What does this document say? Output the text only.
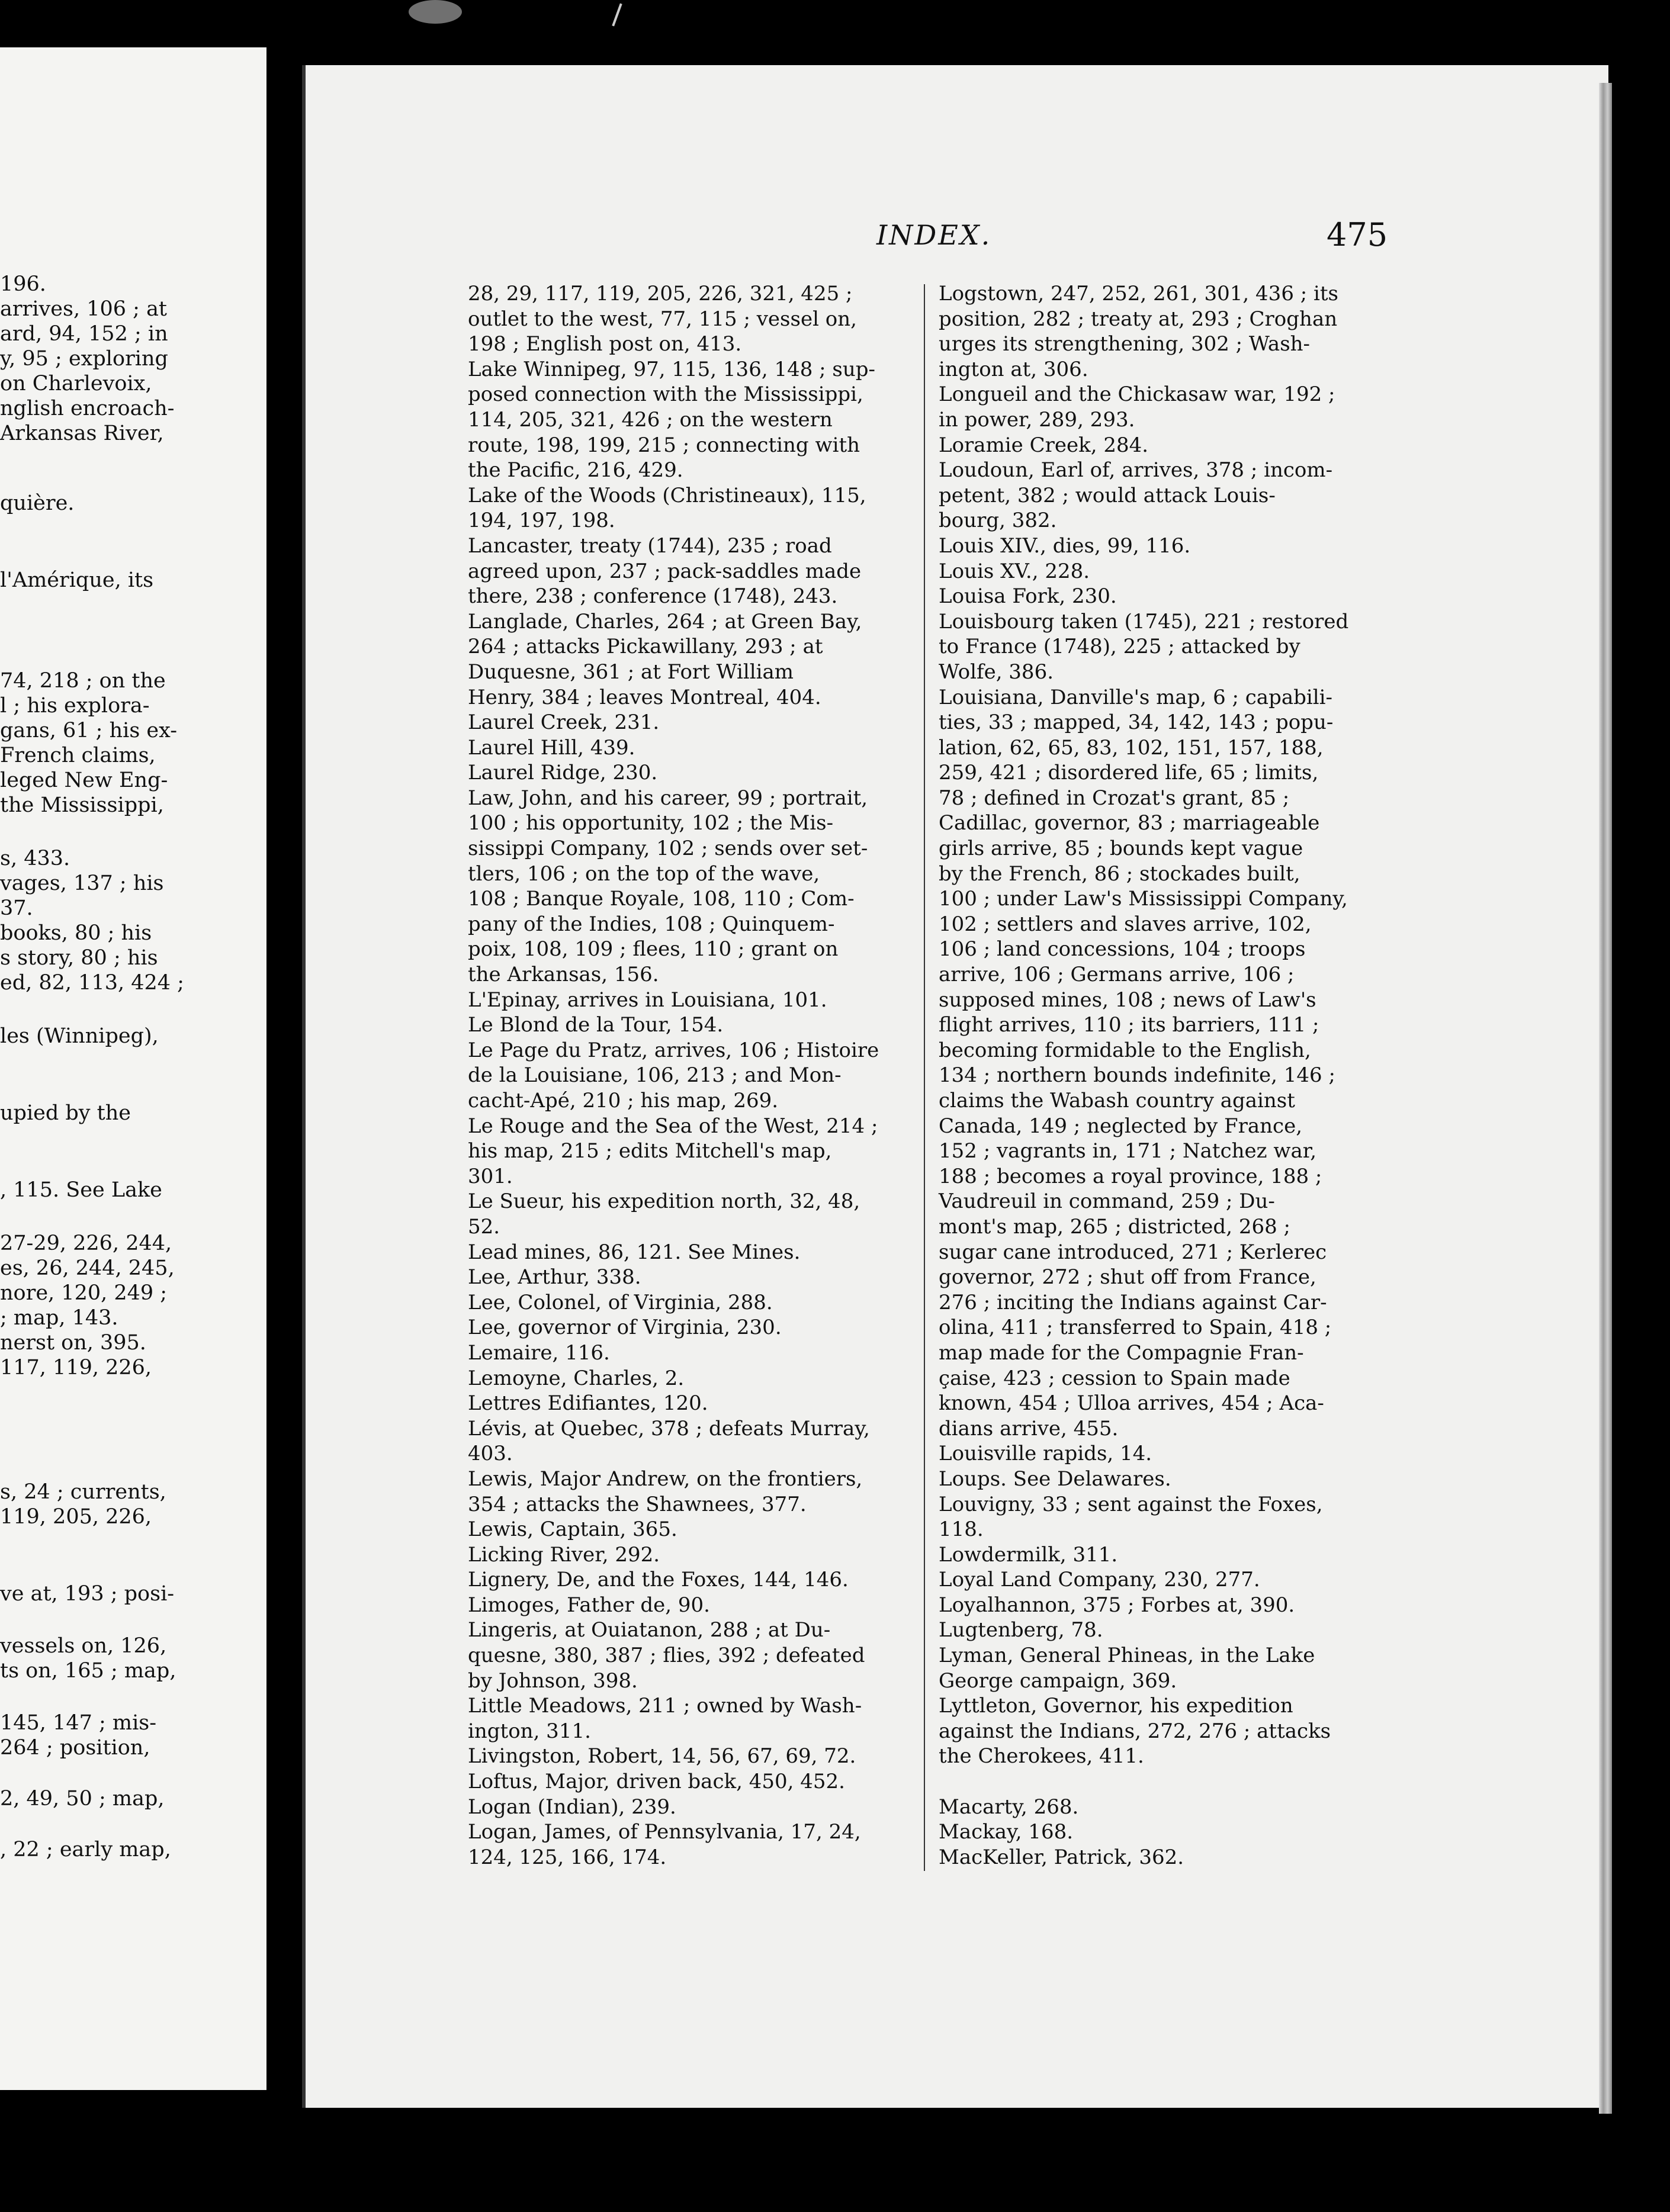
196.
arrives, 106 ; at
ard, 94, 152 ; in
y, 95 ; exploring
on Charlevoix,
nglish encroach-
Arkansas River,
quière.
l'Amérique, its
74, 218 ; on the
l ; his explora-
gans, 61 ; his ex-
French claims,
leged New Eng-
the Mississippi,
s, 433.
vages, 137 ; his
37.
books, 80 ; his
s story, 80 ; his
ed, 82, 113, 424 ;
les (Winnipeg),
upied by the
, 115. See Lake
27-29, 226, 244,
es, 26, 244, 245,
nore, 120, 249 ;
; map, 143.
nerst on, 395.
117, 119, 226,
s, 24 ; currents,
119, 205, 226,
ve at, 193 ; posi-
vessels on, 126,
ts on, 165 ; map,
145, 147 ; mis-
264 ; position,
2, 49, 50 ; map,
, 22 ; early map,
INDEX.	475
28, 29, 117, 119, 205, 226, 321, 425 ;
outlet to the west, 77, 115 ; vessel on,
198 ; English post on, 413.
Lake Winnipeg, 97, 115, 136, 148 ; sup-
posed connection with the Mississippi,
114, 205, 321, 426 ; on the western
route, 198, 199, 215 ; connecting with
the Pacific, 216, 429.
Lake of the Woods (Christineaux), 115,
194, 197, 198.
Lancaster, treaty (1744), 235 ; road
agreed upon, 237 ; pack-saddles made
there, 238 ; conference (1748), 243.
Langlade, Charles, 264 ; at Green Bay,
264 ; attacks Pickawillany, 293 ; at
Duquesne, 361 ; at Fort William
Henry, 384 ; leaves Montreal, 404.
Laurel Creek, 231.
Laurel Hill, 439.
Laurel Ridge, 230.
Law, John, and his career, 99 ; portrait,
100 ; his opportunity, 102 ; the Mis-
sissippi Company, 102 ; sends over set-
tlers, 106 ; on the top of the wave,
108 ; Banque Royale, 108, 110 ; Com-
pany of the Indies, 108 ; Quinquem-
poix, 108, 109 ; flees, 110 ; grant on
the Arkansas, 156.
L'Epinay, arrives in Louisiana, 101.
Le Blond de la Tour, 154.
Le Page du Pratz, arrives, 106 ; Histoire
de la Louisiane, 106, 213 ; and Mon-
cacht-Apé, 210 ; his map, 269.
Le Rouge and the Sea of the West, 214 ;
his map, 215 ; edits Mitchell's map,
301.
Le Sueur, his expedition north, 32, 48,
52.
Lead mines, 86, 121. See Mines.
Lee, Arthur, 338.
Lee, Colonel, of Virginia, 288.
Lee, governor of Virginia, 230.
Lemaire, 116.
Lemoyne, Charles, 2.
Lettres Edifiantes, 120.
Lévis, at Quebec, 378 ; defeats Murray,
403.
Lewis, Major Andrew, on the frontiers,
354 ; attacks the Shawnees, 377.
Lewis, Captain, 365.
Licking River, 292.
Lignery, De, and the Foxes, 144, 146.
Limoges, Father de, 90.
Lingeris, at Ouiatanon, 288 ; at Du-
quesne, 380, 387 ; flies, 392 ; defeated
by Johnson, 398.
Little Meadows, 211 ; owned by Wash-
ington, 311.
Livingston, Robert, 14, 56, 67, 69, 72.
Loftus, Major, driven back, 450, 452.
Logan (Indian), 239.
Logan, James, of Pennsylvania, 17, 24,
124, 125, 166, 174.
Logstown, 247, 252, 261, 301, 436 ; its
position, 282 ; treaty at, 293 ; Croghan
urges its strengthening, 302 ; Wash-
ington at, 306.
Longueil and the Chickasaw war, 192 ;
in power, 289, 293.
Loramie Creek, 284.
Loudoun, Earl of, arrives, 378 ; incom-
petent, 382 ; would attack Louis-
bourg, 382.
Louis XIV., dies, 99, 116.
Louis XV., 228.
Louisa Fork, 230.
Louisbourg taken (1745), 221 ; restored
to France (1748), 225 ; attacked by
Wolfe, 386.
Louisiana, Danville's map, 6 ; capabili-
ties, 33 ; mapped, 34, 142, 143 ; popu-
lation, 62, 65, 83, 102, 151, 157, 188,
259, 421 ; disordered life, 65 ; limits,
78 ; defined in Crozat's grant, 85 ;
Cadillac, governor, 83 ; marriageable
girls arrive, 85 ; bounds kept vague
by the French, 86 ; stockades built,
100 ; under Law's Mississippi Company,
102 ; settlers and slaves arrive, 102,
106 ; land concessions, 104 ; troops
arrive, 106 ; Germans arrive, 106 ;
supposed mines, 108 ; news of Law's
flight arrives, 110 ; its barriers, 111 ;
becoming formidable to the English,
134 ; northern bounds indefinite, 146 ;
claims the Wabash country against
Canada, 149 ; neglected by France,
152 ; vagrants in, 171 ; Natchez war,
188 ; becomes a royal province, 188 ;
Vaudreuil in command, 259 ; Du-
mont's map, 265 ; districted, 268 ;
sugar cane introduced, 271 ; Kerlerec
governor, 272 ; shut off from France,
276 ; inciting the Indians against Car-
olina, 411 ; transferred to Spain, 418 ;
map made for the Compagnie Fran-
çaise, 423 ; cession to Spain made
known, 454 ; Ulloa arrives, 454 ; Aca-
dians arrive, 455.
Louisville rapids, 14.
Loups. See Delawares.
Louvigny, 33 ; sent against the Foxes,
118.
Lowdermilk, 311.
Loyal Land Company, 230, 277.
Loyalhannon, 375 ; Forbes at, 390.
Lugtenberg, 78.
Lyman, General Phineas, in the Lake
George campaign, 369.
Lyttleton, Governor, his expedition
against the Indians, 272, 276 ; attacks
the Cherokees, 411.
Macarty, 268.
Mackay, 168.
MacKeller, Patrick, 362.
